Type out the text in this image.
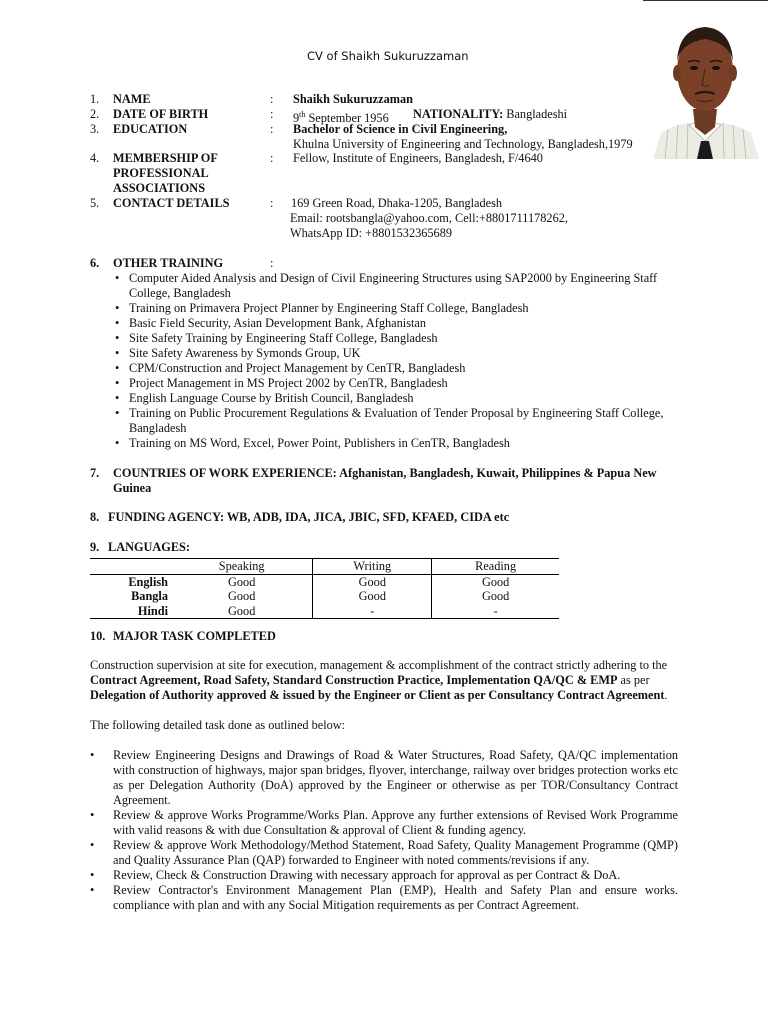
CV of Shaikh Sukuruzzaman
1. NAME	: Shaikh Sukuruzzaman
2. DATE OF BIRTH	: 9th September 1956 NATIONALITY: Bangladeshi
3. EDUCATION	: Bachelor of Science in Civil Engineering,
Khulna University of Engineering and Technology, Bangladesh,1979
4. MEMBERSHIP OF
PROFESSIONAL
ASSOCIATIONS
: Fellow, Institute of Engineers, Bangladesh, F/4640
5. CONTACT DETAILS	: 169 Green Road, Dhaka-1205, Bangladesh
Email: rootsbangla@yahoo.com, Cell:+8801711178262,
WhatsApp ID: +8801532365689
6. OTHER TRAINING	:
• Computer Aided Analysis and Design of Civil Engineering Structures using SAP2000 by Engineering Staff College, Bangladesh
• Training on Primavera Project Planner by Engineering Staff College, Bangladesh
• Basic Field Security, Asian Development Bank, Afghanistan
• Site Safety Training by Engineering Staff College, Bangladesh
• Site Safety Awareness by Symonds Group, UK
• CPM/Construction and Project Management by CenTR, Bangladesh
• Project Management in MS Project 2002 by CenTR, Bangladesh
• English Language Course by British Council, Bangladesh
• Training on Public Procurement Regulations & Evaluation of Tender Proposal by Engineering Staff College, Bangladesh
• Training on MS Word, Excel, Power Point, Publishers in CenTR, Bangladesh
7. COUNTRIES OF WORK EXPERIENCE: Afghanistan, Bangladesh, Kuwait, Philippines & Papua New Guinea
8. FUNDING AGENCY: WB, ADB, IDA, JICA, JBIC, SFD, KFAED, CIDA etc
9. LANGUAGES:
	Speaking	Writing	Reading
English	Good	Good	Good
Bangla	Good	Good	Good
Hindi	Good	-	-
10. MAJOR TASK COMPLETED
Construction supervision at site for execution, management & accomplishment of the contract strictly adhering to the Contract Agreement, Road Safety, Standard Construction Practice, Implementation QA/QC & EMP as per Delegation of Authority approved & issued by the Engineer or Client as per Consultancy Contract Agreement.
The following detailed task done as outlined below:
• Review Engineering Designs and Drawings of Road & Water Structures, Road Safety, QA/QC implementation with construction of highways, major span bridges, flyover, interchange, railway over bridges protection works etc as per Delegation Authority (DoA) approved by the Engineer or otherwise as per TOR/Consultancy Contract Agreement.
• Review & approve Works Programme/Works Plan. Approve any further extensions of Revised Work Programme with valid reasons & with due Consultation & approval of Client & funding agency.
• Review & approve Work Methodology/Method Statement, Road Safety, Quality Management Programme (QMP) and Quality Assurance Plan (QAP) forwarded to Engineer with noted comments/revisions if any.
• Review, Check & Construction Drawing with necessary approach for approval as per Contract & DoA.
• Review Contractor's Environment Management Plan (EMP), Health and Safety Plan and ensure works. compliance with plan and with any Social Mitigation requirements as per Contract Agreement.
